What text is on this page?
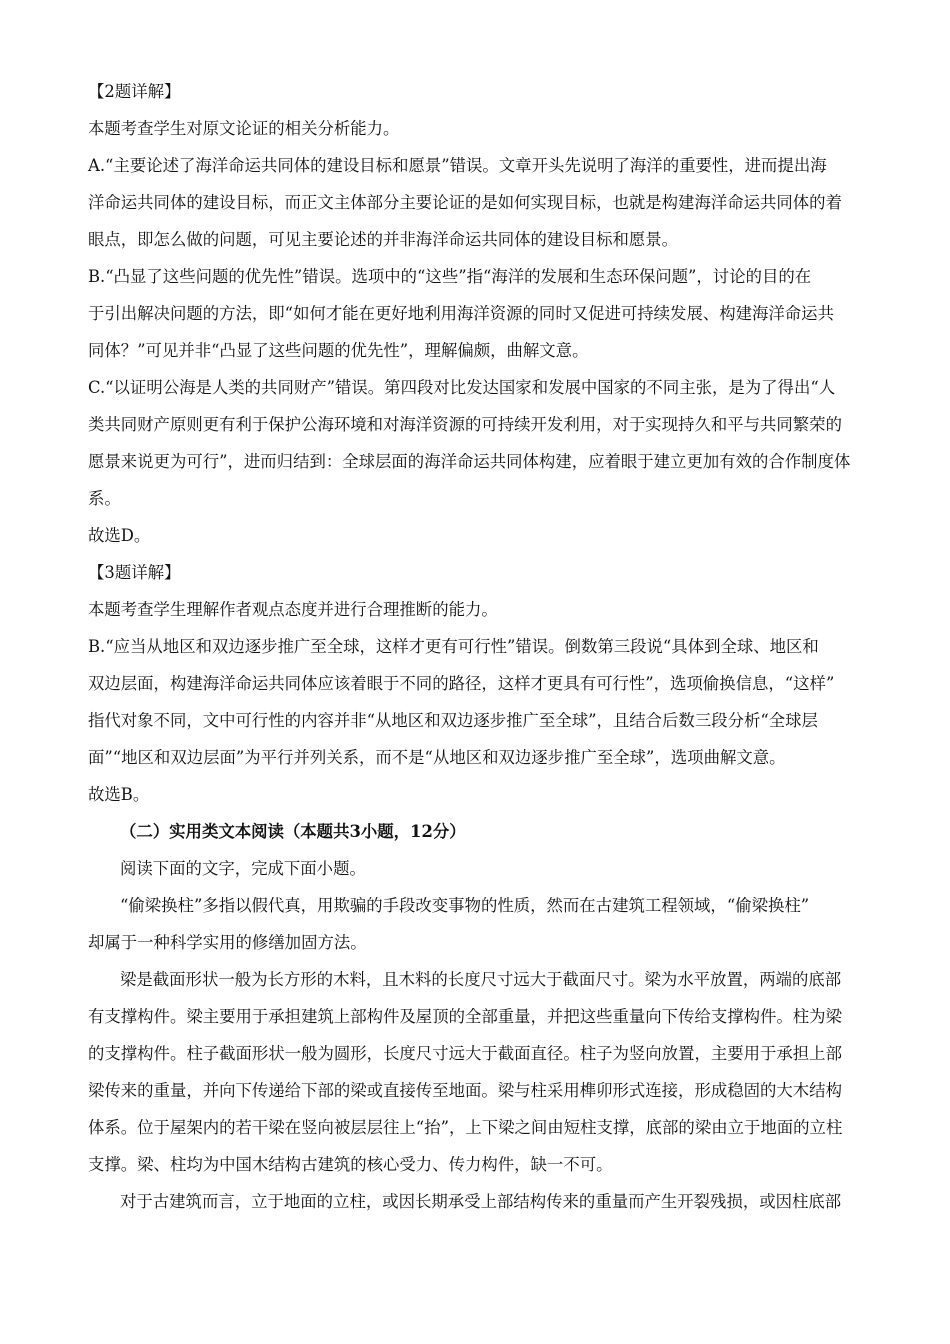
【2题详解】

本题考查学生对原文论证的相关分析能力。

A.“主要论述了海洋命运共同体的建设目标和愿景”错误。文章开头先说明了海洋的重要性，进而提出海

洋命运共同体的建设目标，而正文主体部分主要论证的是如何实现目标，也就是构建海洋命运共同体的着

眼点，即怎么做的问题，可见主要论述的并非海洋命运共同体的建设目标和愿景。

B.“凸显了这些问题的优先性”错误。选项中的“这些”指“海洋的发展和生态环保问题”，讨论的目的在

于引出解决问题的方法，即“如何才能在更好地利用海洋资源的同时又促进可持续发展、构建海洋命运共

同体？”可见并非“凸显了这些问题的优先性”，理解偏颇，曲解文意。

C.“以证明公海是人类的共同财产”错误。第四段对比发达国家和发展中国家的不同主张，是为了得出“人

类共同财产原则更有利于保护公海环境和对海洋资源的可持续开发利用，对于实现持久和平与共同繁荣的

愿景来说更为可行”，进而归结到：全球层面的海洋命运共同体构建，应着眼于建立更加有效的合作制度体

系。

故选D。

【3题详解】

本题考查学生理解作者观点态度并进行合理推断的能力。

B.“应当从地区和双边逐步推广至全球，这样才更有可行性”错误。倒数第三段说“具体到全球、地区和

双边层面，构建海洋命运共同体应该着眼于不同的路径，这样才更具有可行性”，选项偷换信息，“这样”

指代对象不同，文中可行性的内容并非“从地区和双边逐步推广至全球”，且结合后数三段分析“全球层

面”“地区和双边层面”为平行并列关系，而不是“从地区和双边逐步推广至全球”，选项曲解文意。

故选B。

（二）实用类文本阅读（本题共3小题，12分）

阅读下面的文字，完成下面小题。

“偷梁换柱”多指以假代真，用欺骗的手段改变事物的性质，然而在古建筑工程领域，“偷梁换柱”

却属于一种科学实用的修缮加固方法。

梁是截面形状一般为长方形的木料，且木料的长度尺寸远大于截面尺寸。梁为水平放置，两端的底部

有支撑构件。梁主要用于承担建筑上部构件及屋顶的全部重量，并把这些重量向下传给支撑构件。柱为梁

的支撑构件。柱子截面形状一般为圆形，长度尺寸远大于截面直径。柱子为竖向放置，主要用于承担上部

梁传来的重量，并向下传递给下部的梁或直接传至地面。梁与柱采用榫卯形式连接，形成稳固的大木结构

体系。位于屋架内的若干梁在竖向被层层往上“抬”，上下梁之间由短柱支撑，底部的梁由立于地面的立柱

支撑。梁、柱均为中国木结构古建筑的核心受力、传力构件，缺一不可。

对于古建筑而言，立于地面的立柱，或因长期承受上部结构传来的重量而产生开裂残损，或因柱底部
